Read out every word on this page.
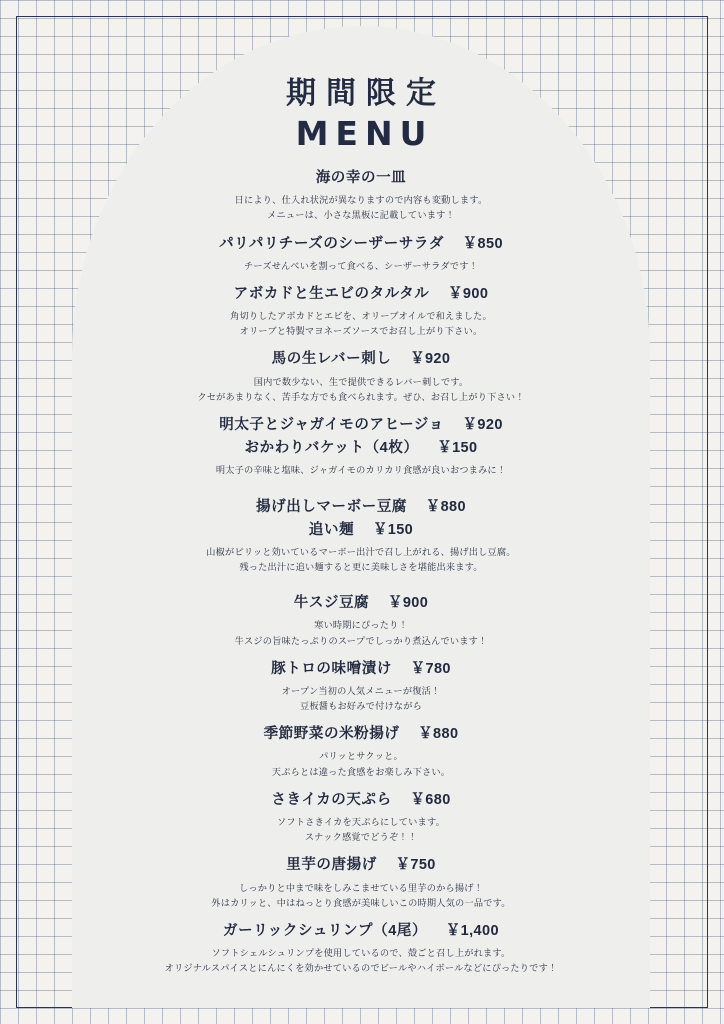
期間限定
MENU
海の幸の一皿
日により、仕入れ状況が異なりますので内容も変動します。
メニューは、小さな黒板に記載しています！
パリパリチーズのシーザーサラダ ￥850
チーズせんべいを割って食べる、シーザーサラダです！
アボカドと生エビのタルタル ￥900
角切りしたアボカドとエビを、オリーブオイルで和えました。
オリーブと特製マヨネーズソースでお召し上がり下さい。
馬の生レバー刺し ￥920
国内で数少ない、生で提供できるレバー刺しです。
クセがあまりなく、苦手な方でも食べられます。ぜひ、お召し上がり下さい！
明太子とジャガイモのアヒージョ ￥920
おかわりバケット（4枚） ￥150
明太子の辛味と塩味、ジャガイモのカリカリ食感が良いおつまみに！
揚げ出しマーボー豆腐 ￥880
追い麺 ￥150
山椒がピリッと効いているマーボー出汁で召し上がれる、揚げ出し豆腐。
残った出汁に追い麺すると更に美味しさを堪能出来ます。
牛スジ豆腐 ￥900
寒い時期にぴったり！
牛スジの旨味たっぷりのスープでしっかり煮込んでいます！
豚トロの味噌漬け ￥780
オープン当初の人気メニューが復活！
豆板醤もお好みで付けながら
季節野菜の米粉揚げ ￥880
パリッとサクッと。
天ぷらとは違った食感をお楽しみ下さい。
さきイカの天ぷら ￥680
ソフトさきイカを天ぷらにしています。
スナック感覚でどうぞ！！
里芋の唐揚げ ￥750
しっかりと中まで味をしみこませている里芋のから揚げ！
外はカリッと、中はねっとり食感が美味しいこの時期人気の一品です。
ガーリックシュリンプ（4尾） ￥1,400
ソフトシェルシュリンプを使用しているので、殻ごと召し上がれます。
オリジナルスパイスとにんにくを効かせているのでビールやハイボールなどにぴったりです！
